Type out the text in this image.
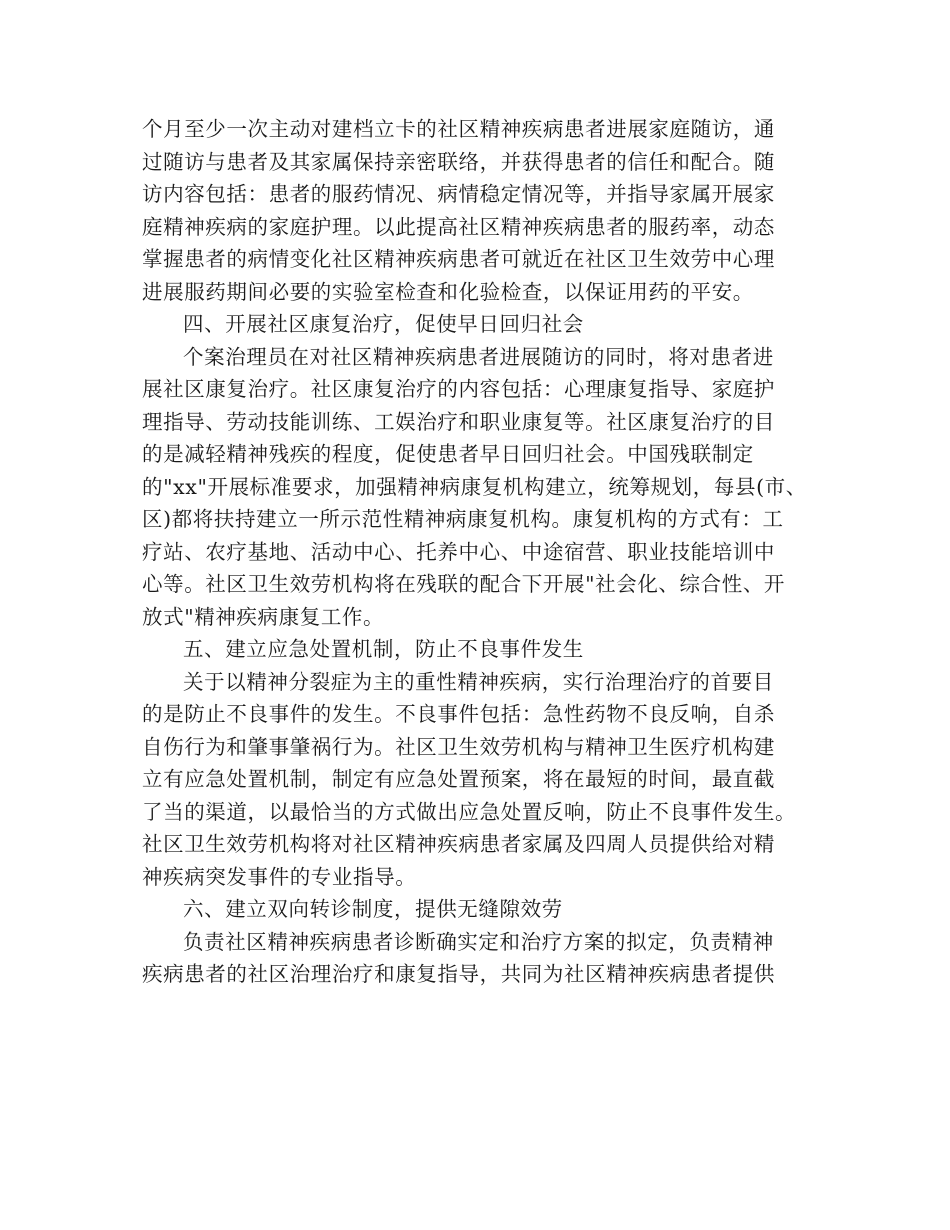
个月至少一次主动对建档立卡的社区精神疾病患者进展家庭随访，通
过随访与患者及其家属保持亲密联络，并获得患者的信任和配合。随
访内容包括：患者的服药情况、病情稳定情况等，并指导家属开展家
庭精神疾病的家庭护理。以此提高社区精神疾病患者的服药率，动态
掌握患者的病情变化社区精神疾病患者可就近在社区卫生效劳中心理
进展服药期间必要的实验室检查和化验检查，以保证用药的平安。
四、开展社区康复治疗，促使早日回归社会
个案治理员在对社区精神疾病患者进展随访的同时，将对患者进
展社区康复治疗。社区康复治疗的内容包括：心理康复指导、家庭护
理指导、劳动技能训练、工娱治疗和职业康复等。社区康复治疗的目
的是减轻精神残疾的程度，促使患者早日回归社会。中国残联制定
的"xx"开展标准要求，加强精神病康复机构建立，统筹规划，每县(市、
区)都将扶持建立一所示范性精神病康复机构。康复机构的方式有：工
疗站、农疗基地、活动中心、托养中心、中途宿营、职业技能培训中
心等。社区卫生效劳机构将在残联的配合下开展"社会化、综合性、开
放式"精神疾病康复工作。
五、建立应急处置机制，防止不良事件发生
关于以精神分裂症为主的重性精神疾病，实行治理治疗的首要目
的是防止不良事件的发生。不良事件包括：急性药物不良反响，自杀
自伤行为和肇事肇祸行为。社区卫生效劳机构与精神卫生医疗机构建
立有应急处置机制，制定有应急处置预案，将在最短的时间，最直截
了当的渠道，以最恰当的方式做出应急处置反响，防止不良事件发生。
社区卫生效劳机构将对社区精神疾病患者家属及四周人员提供给对精
神疾病突发事件的专业指导。
六、建立双向转诊制度，提供无缝隙效劳
负责社区精神疾病患者诊断确实定和治疗方案的拟定，负责精神
疾病患者的社区治理治疗和康复指导，共同为社区精神疾病患者提供
